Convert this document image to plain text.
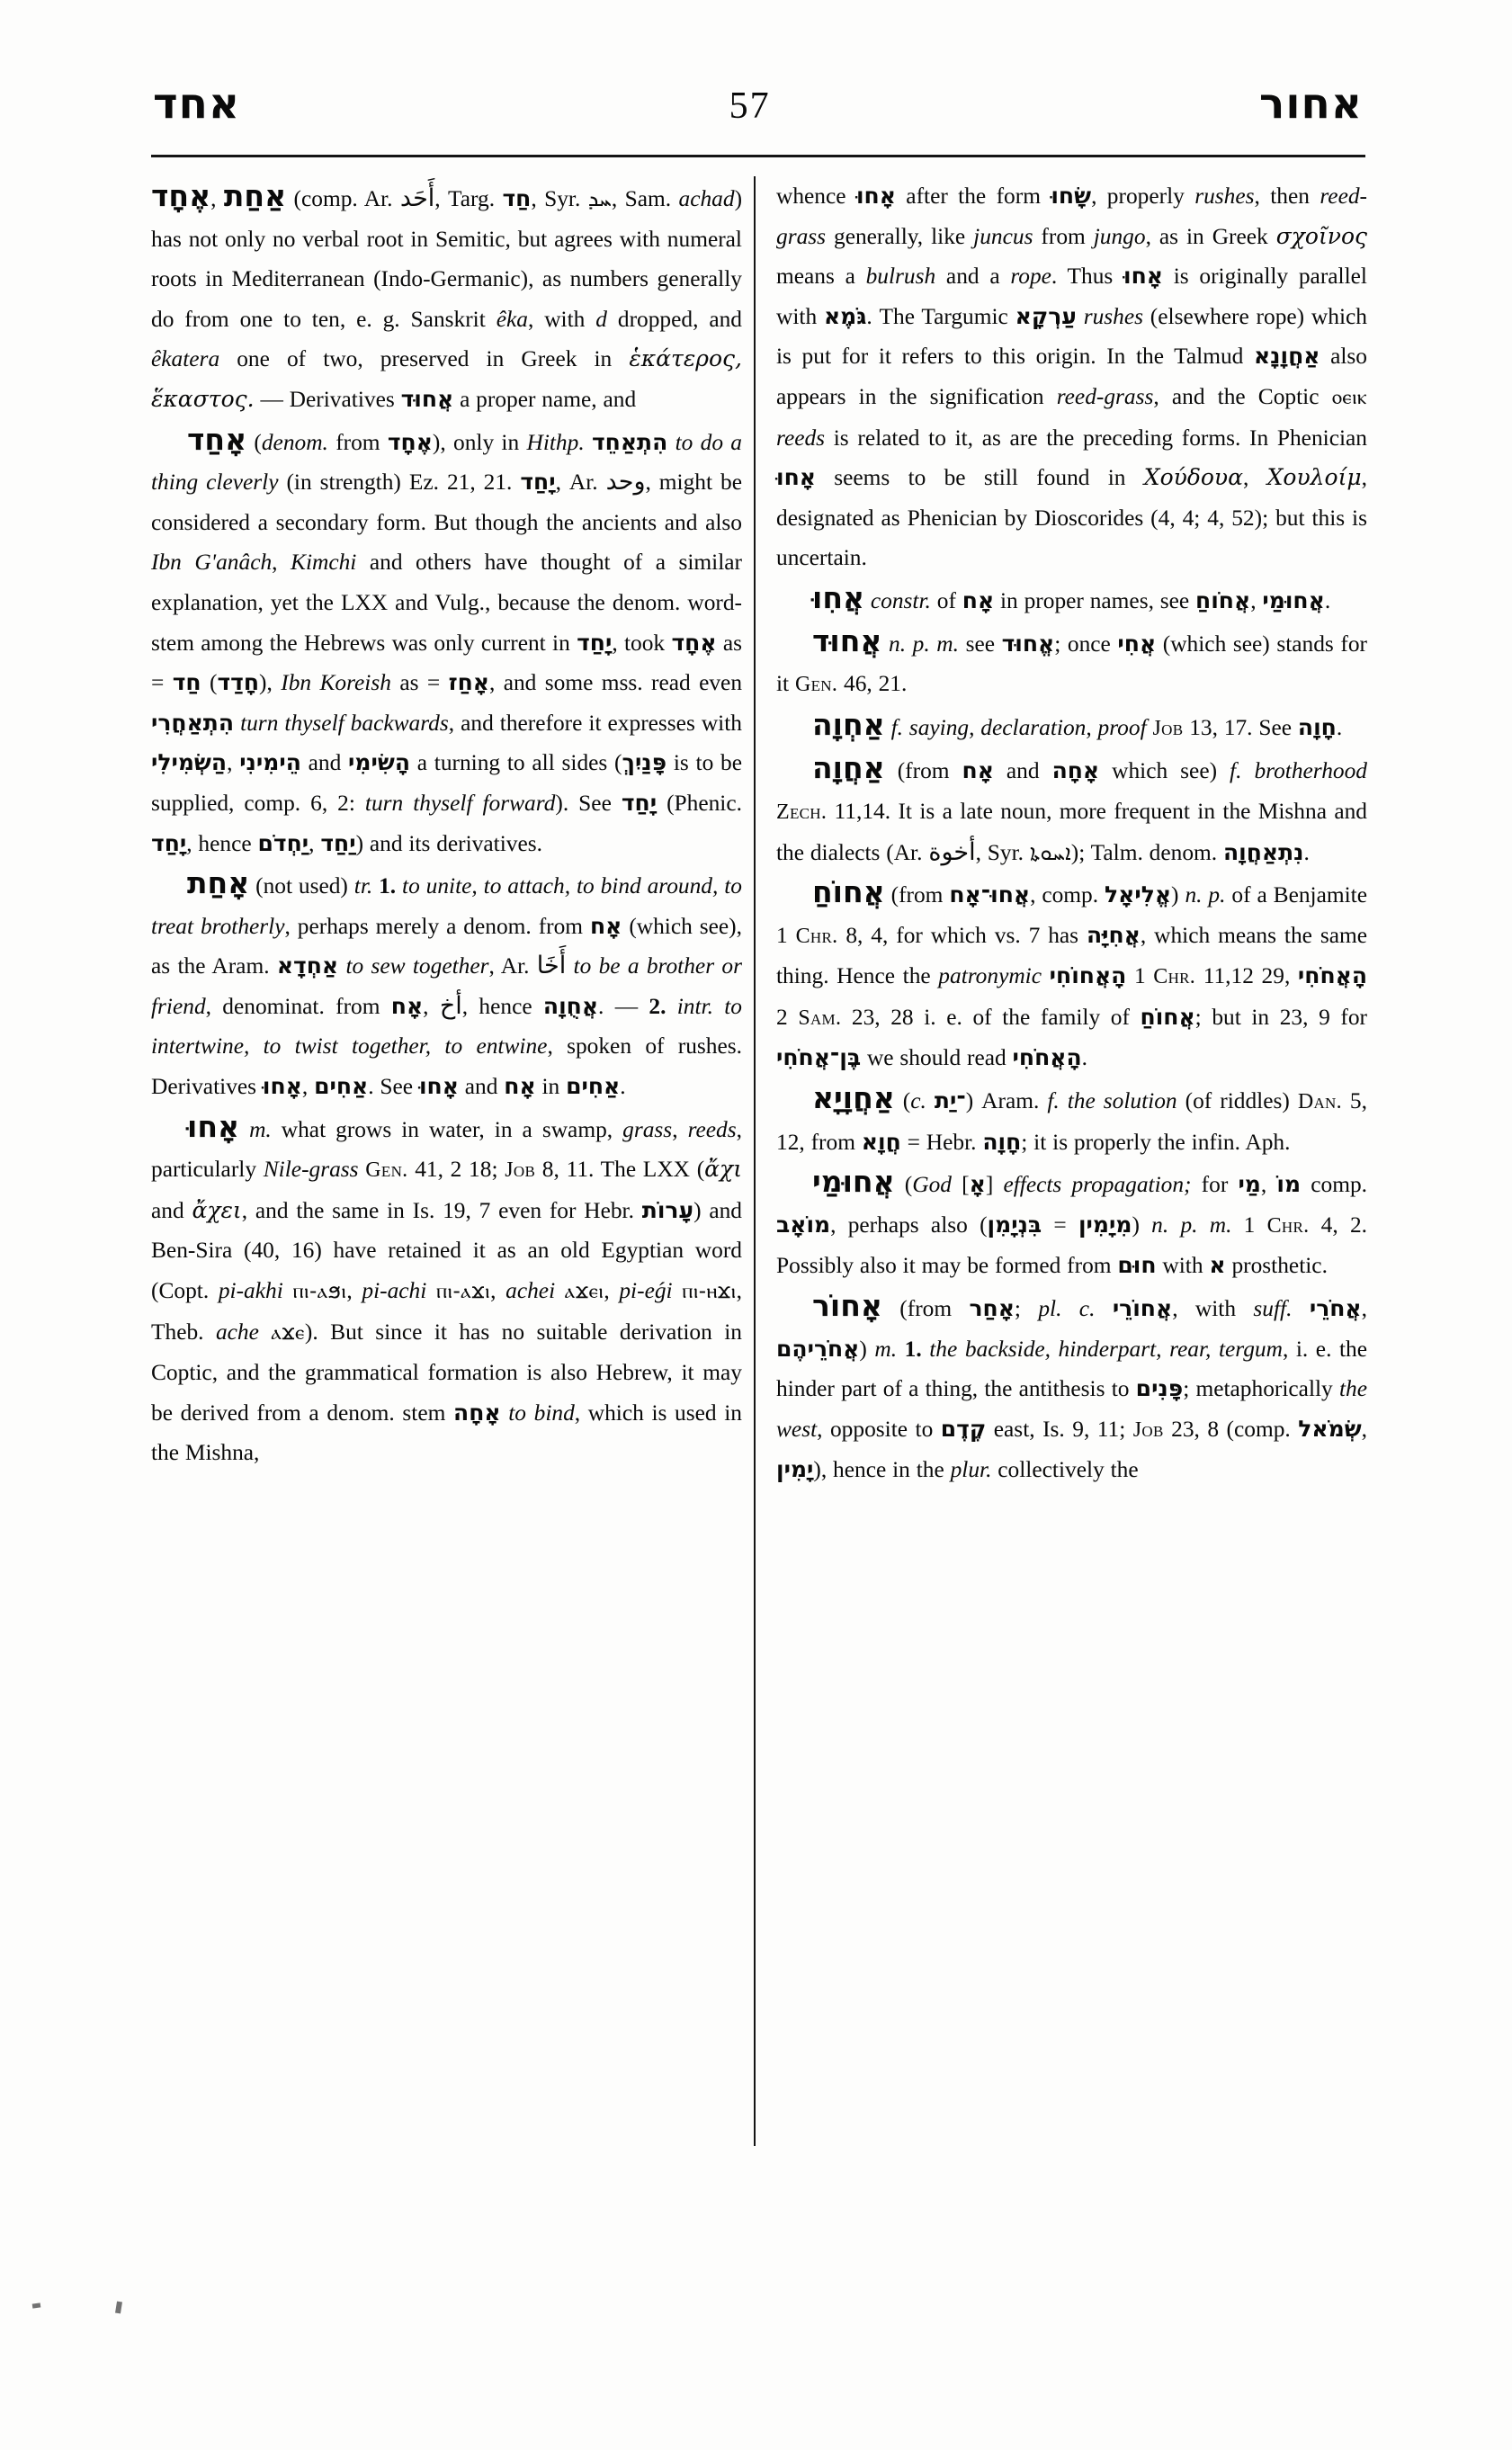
אחד	57	אחור

אֶחָד, אַחַת (comp. Ar. أَحَد, Targ. חַד, Syr. ܚܕ, Sam. achad) has not only no verbal root in Semitic, but agrees with numeral roots in Mediterranean (Indo-Germanic), as numbers generally do from one to ten, e. g. Sanskrit êka, with d dropped, and êkatera one of two, preserved in Greek in ἑκάτερος, ἕκαστος. — Derivatives אֲחוּד a proper name, and

אָחַד (denom. from אֶחָד), only in Hithp. הִתְאַחֵד to do a thing cleverly (in strength) Ez. 21, 21. יָחַד, Ar. وحد, might be considered a secondary form. But though the ancients and also Ibn G'anâch, Kimchi and others have thought of a similar explanation, yet the LXX and Vulg., because the denom. word-stem among the Hebrews was only current in יָחַד, took אֶחָד as = חַד (חָדַד), Ibn Koreish as = אָחַז, and some mss. read even הִתְאַחֲרִי turn thyself backwards, and therefore it expresses with הַשְׂמִילִי, הֵימִינִי and הָשִׂימִי a turning to all sides (פָּנַיִךְ is to be supplied, comp. 6, 2: turn thyself forward). See יָחַד (Phenic. יָחַד, hence יַחְדֹם, יַחַד) and its derivatives.

אָחַת (not used) tr. 1. to unite, to attach, to bind around, to treat brotherly, perhaps merely a denom. from אָח (which see), as the Aram. אַחְדָא to sew together, Ar. أَخَا to be a brother or friend, denominat. from אָח, أخ, hence אֲחֻוָה. — 2. intr. to intertwine, to twist together, to entwine, spoken of rushes. Derivatives אָחוּ, אַחִים. See אָחוּ and אָח in אַחִים.

אָחוּ m. what grows in water, in a swamp, grass, reeds, particularly Nile-grass Gen. 41, 2 18; Job 8, 11. The LXX (ἄχι and ἄχει, and the same in Is. 19, 7 even for Hebr. עָרוֹת) and Ben-Sira (40, 16) have retained it as an old Egyptian word (Copt. pi-akhi ⲡⲓ-ⲁϧⲓ, pi-achi ⲡⲓ-ⲁϫⲓ, achei ⲁϫⲉⲓ, pi-eǵi ⲡⲓ-ⲏϫⲓ, Theb. ache ⲁϫⲉ). But since it has no suitable derivation in Coptic, and the grammatical formation is also Hebrew, it may be derived from a denom. stem אָחָה to bind, which is used in the Mishna,

whence אָחוּ after the form שָׂחוּ, properly rushes, then reed-grass generally, like juncus from jungo, as in Greek σχοῖνος means a bulrush and a rope. Thus אָחוּ is originally parallel with גֹּמֶא. The Targumic עַרְקָא rushes (elsewhere rope) which is put for it refers to this origin. In the Talmud אַחֲוָנָא also appears in the signification reed-grass, and the Coptic ⲟⲉⲓⲕ reeds is related to it, as are the preceding forms. In Phenician אָחוּ seems to be still found in Χούδουα, Χουλοίμ, designated as Phenician by Dioscorides (4, 4; 4, 52); but this is uncertain.

אֲחִוּ constr. of אָח in proper names, see אֲחֹוחַ, אֲחוּמַי.

אֲחוּד n. p. m. see אֱחוּד; once אֲחִי (which see) stands for it Gen. 46, 21.

אַחְוָה f. saying, declaration, proof Job 13, 17. See חָוָה.

אַחֲוָה (from אָח and אָחָה which see) f. brotherhood Zech. 11,14. It is a late noun, more frequent in the Mishna and the dialects (Ar. أخوة, Syr. ܐܚܘܬܐ); Talm. denom. נִתְאַחֲוָה.

אֲחוֹחַ (from אֲחוּ־אָח, comp. אֱלִיאָל) n. p. of a Benjamite 1 Chr. 8, 4, for which vs. 7 has אֲחִיָּה, which means the same thing. Hence the patronymic הָאֲחוֹחִי 1 Chr. 11,12 29, הָאֲחֹחִי 2 Sam. 23, 28 i. e. of the family of אֲחוֹחַ; but in 23, 9 for בֶּן־אֲחֹחִי we should read הָאֲחֹחִי.

אַחֲוָיָא (c. ־יַת) Aram. f. the solution (of riddles) Dan. 5, 12, from חֲוָא = Hebr. חָוָה; it is properly the infin. Aph.

אֲחוּמַי (God [אָ] effects propagation; for מַי, מוֹ comp. מוֹאָב, perhaps also (בִּנְיָמִן = מִיָמִין) n. p. m. 1 Chr. 4, 2. Possibly also it may be formed from חוּם with א prosthetic.

אָחוֹר (from אָחַר; pl. c. אֲחוֹרֵי, with suff. אֲחֹרֵי, אֲחֹרֵיהֶם) m. 1. the backside, hinderpart, rear, tergum, i. e. the hinder part of a thing, the antithesis to פָּנִים; metaphorically the west, opposite to קֶדֶם east, Is. 9, 11; Job 23, 8 (comp. שְׂמֹאל, יָמִין), hence in the plur. collectively the
